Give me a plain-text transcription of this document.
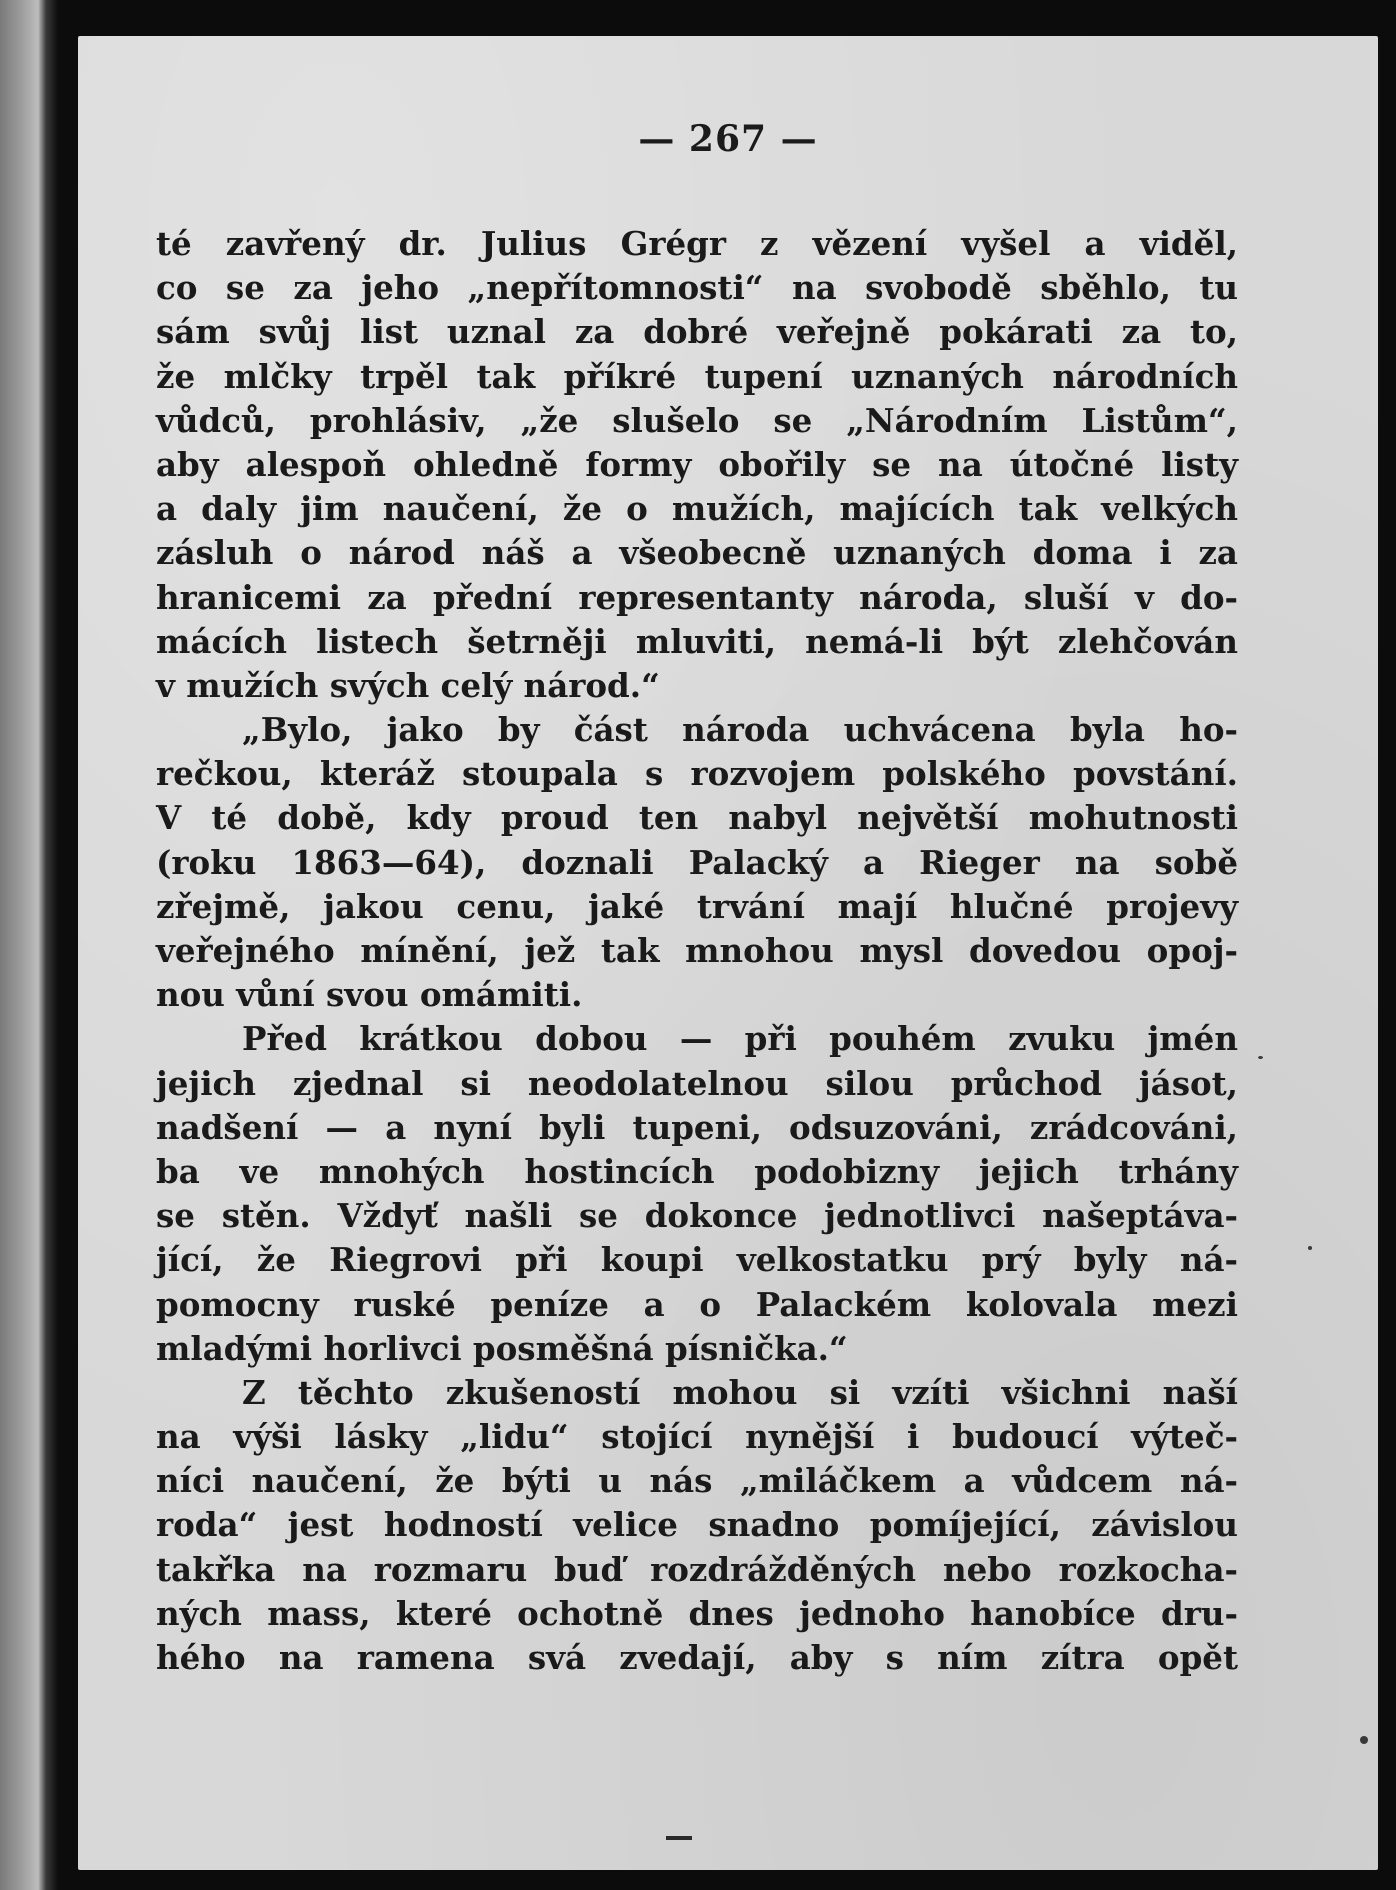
— 267 —
té zavřený dr. Julius Grégr z vězení vyšel a viděl,
co se za jeho „nepřítomnosti“ na svobodě sběhlo, tu
sám svůj list uznal za dobré veřejně pokárati za to,
že mlčky trpěl tak příkré tupení uznaných národních
vůdců, prohlásiv, „že slušelo se „Národním Listům“,
aby alespoň ohledně formy obořily se na útočné listy
a daly jim naučení, že o mužích, majících tak velkých
zásluh o národ náš a všeobecně uznaných doma i za
hranicemi za přední representanty národa, sluší v do-
mácích listech šetrněji mluviti, nemá-li být zlehčován
v mužích svých celý národ.“
„Bylo, jako by část národa uchvácena byla ho-
rečkou, kteráž stoupala s rozvojem polského povstání.
V té době, kdy proud ten nabyl největší mohutnosti
(roku 1863—64), doznali Palacký a Rieger na sobě
zřejmě, jakou cenu, jaké trvání mají hlučné projevy
veřejného mínění, jež tak mnohou mysl dovedou opoj-
nou vůní svou omámiti.
Před krátkou dobou — při pouhém zvuku jmén
jejich zjednal si neodolatelnou silou průchod jásot,
nadšení — a nyní byli tupeni, odsuzováni, zrádcováni,
ba ve mnohých hostincích podobizny jejich trhány
se stěn. Vždyť našli se dokonce jednotlivci našeptáva-
jící, že Riegrovi při koupi velkostatku prý byly ná-
pomocny ruské peníze a o Palackém kolovala mezi
mladými horlivci posměšná písnička.“
Z těchto zkušeností mohou si vzíti všichni naší
na výši lásky „lidu“ stojící nynější i budoucí výteč-
níci naučení, že býti u nás „miláčkem a vůdcem ná-
roda“ jest hodností velice snadno pomíjející, závislou
takřka na rozmaru buď rozdrážděných nebo rozkocha-
ných mass, které ochotně dnes jednoho hanobíce dru-
hého na ramena svá zvedají, aby s ním zítra opět
